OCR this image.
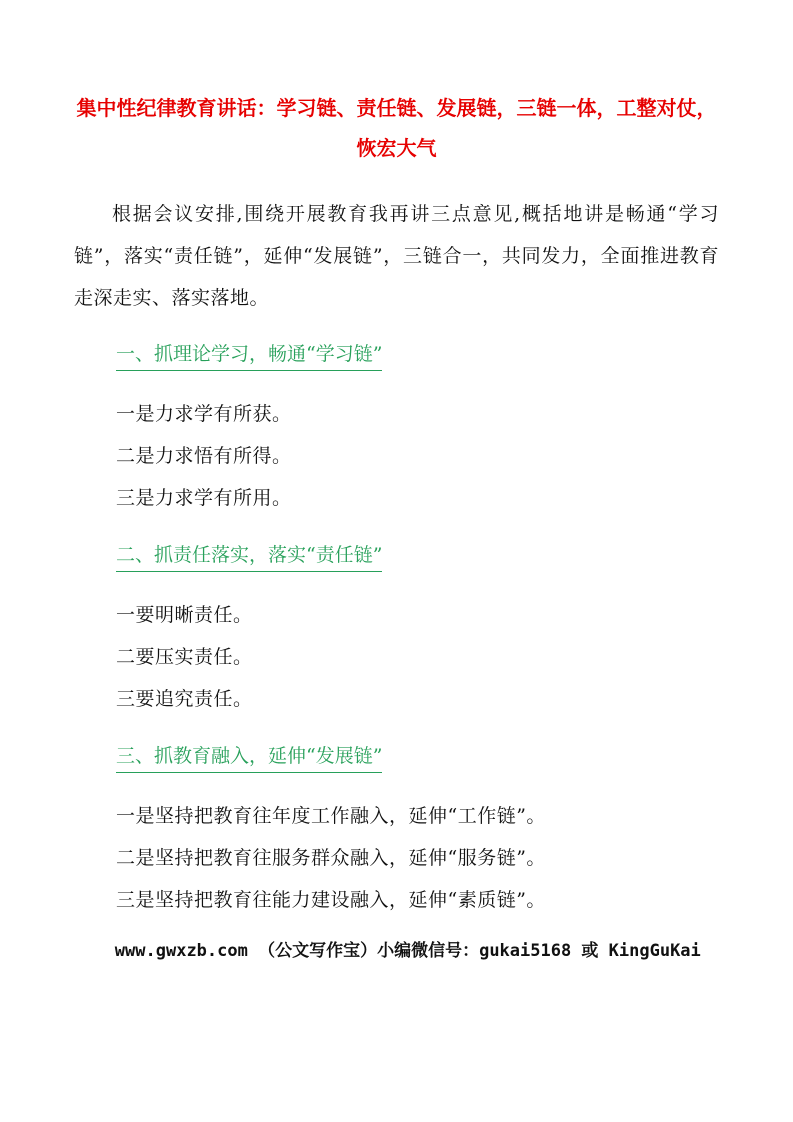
集中性纪律教育讲话：学习链、责任链、发展链，三链一体，工整对仗，恢宏大气
根据会议安排,围绕开展教育我再讲三点意见,概括地讲是畅通“学习链”，落实“责任链”，延伸“发展链”，三链合一，共同发力，全面推进教育走深走实、落实落地。
一、抓理论学习，畅通“学习链”
一是力求学有所获。
二是力求悟有所得。
三是力求学有所用。
二、抓责任落实，落实“责任链”
一要明晰责任。
二要压实责任。
三要追究责任。
三、抓教育融入，延伸“发展链”
一是坚持把教育往年度工作融入，延伸“工作链”。
二是坚持把教育往服务群众融入，延伸“服务链”。
三是坚持把教育往能力建设融入，延伸“素质链”。
www.gwxzb.com （公文写作宝）小编微信号：gukai5168 或 KingGuKai
